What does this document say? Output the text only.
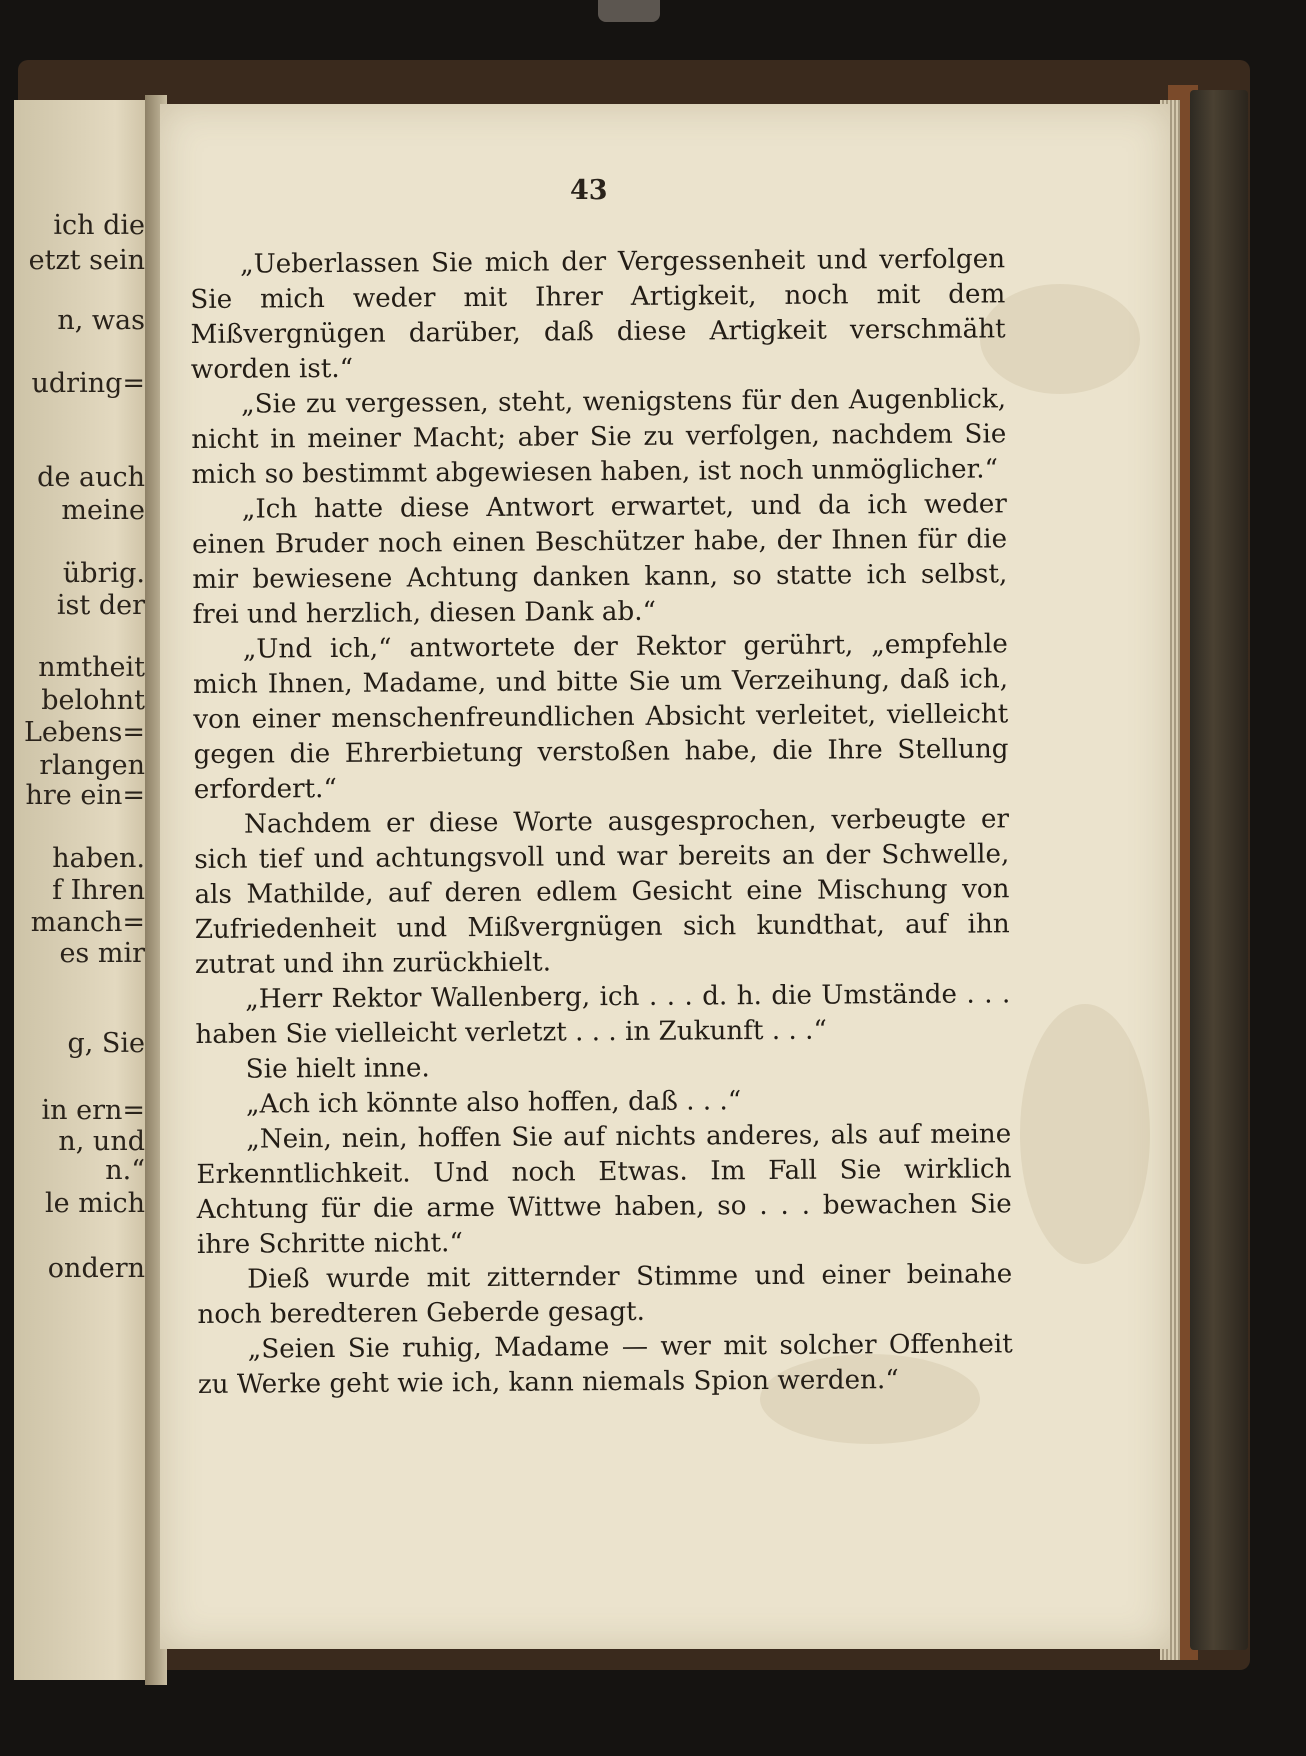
ich die
etzt sein
n, was
udring=
de auch
meine
übrig.
ist der
nmtheit
belohnt
Lebens=
rlangen
hre ein=
haben.
f Ihren
manch=
es mir
g, Sie
in ern=
n, und
n.“
le mich
ondern
43

„Ueberlassen Sie mich der Vergessenheit und verfolgen Sie mich weder mit Ihrer Artigkeit, noch mit dem Mißvergnügen darüber, daß diese Artigkeit verschmäht worden ist.“

„Sie zu vergessen, steht, wenigstens für den Augenblick, nicht in meiner Macht; aber Sie zu verfolgen, nachdem Sie mich so bestimmt abgewiesen haben, ist noch unmöglicher.“

„Ich hatte diese Antwort erwartet, und da ich weder einen Bruder noch einen Beschützer habe, der Ihnen für die mir bewiesene Achtung danken kann, so statte ich selbst, frei und herzlich, diesen Dank ab.“

„Und ich,“ antwortete der Rektor gerührt, „empfehle mich Ihnen, Madame, und bitte Sie um Verzeihung, daß ich, von einer menschenfreundlichen Absicht verleitet, vielleicht gegen die Ehrerbietung verstoßen habe, die Ihre Stellung erfordert.“

Nachdem er diese Worte ausgesprochen, verbeugte er sich tief und achtungsvoll und war bereits an der Schwelle, als Mathilde, auf deren edlem Gesicht eine Mischung von Zufriedenheit und Mißvergnügen sich kundthat, auf ihn zutrat und ihn zurückhielt.

„Herr Rektor Wallenberg, ich . . . d. h. die Umstände . . . haben Sie vielleicht verletzt . . . in Zukunft . . .“

Sie hielt inne.

„Ach ich könnte also hoffen, daß . . .“

„Nein, nein, hoffen Sie auf nichts anderes, als auf meine Erkenntlichkeit. Und noch Etwas. Im Fall Sie wirklich Achtung für die arme Wittwe haben, so . . . bewachen Sie ihre Schritte nicht.“

Dieß wurde mit zitternder Stimme und einer beinahe noch beredteren Geberde gesagt.

„Seien Sie ruhig, Madame — wer mit solcher Offenheit zu Werke geht wie ich, kann niemals Spion werden.“
